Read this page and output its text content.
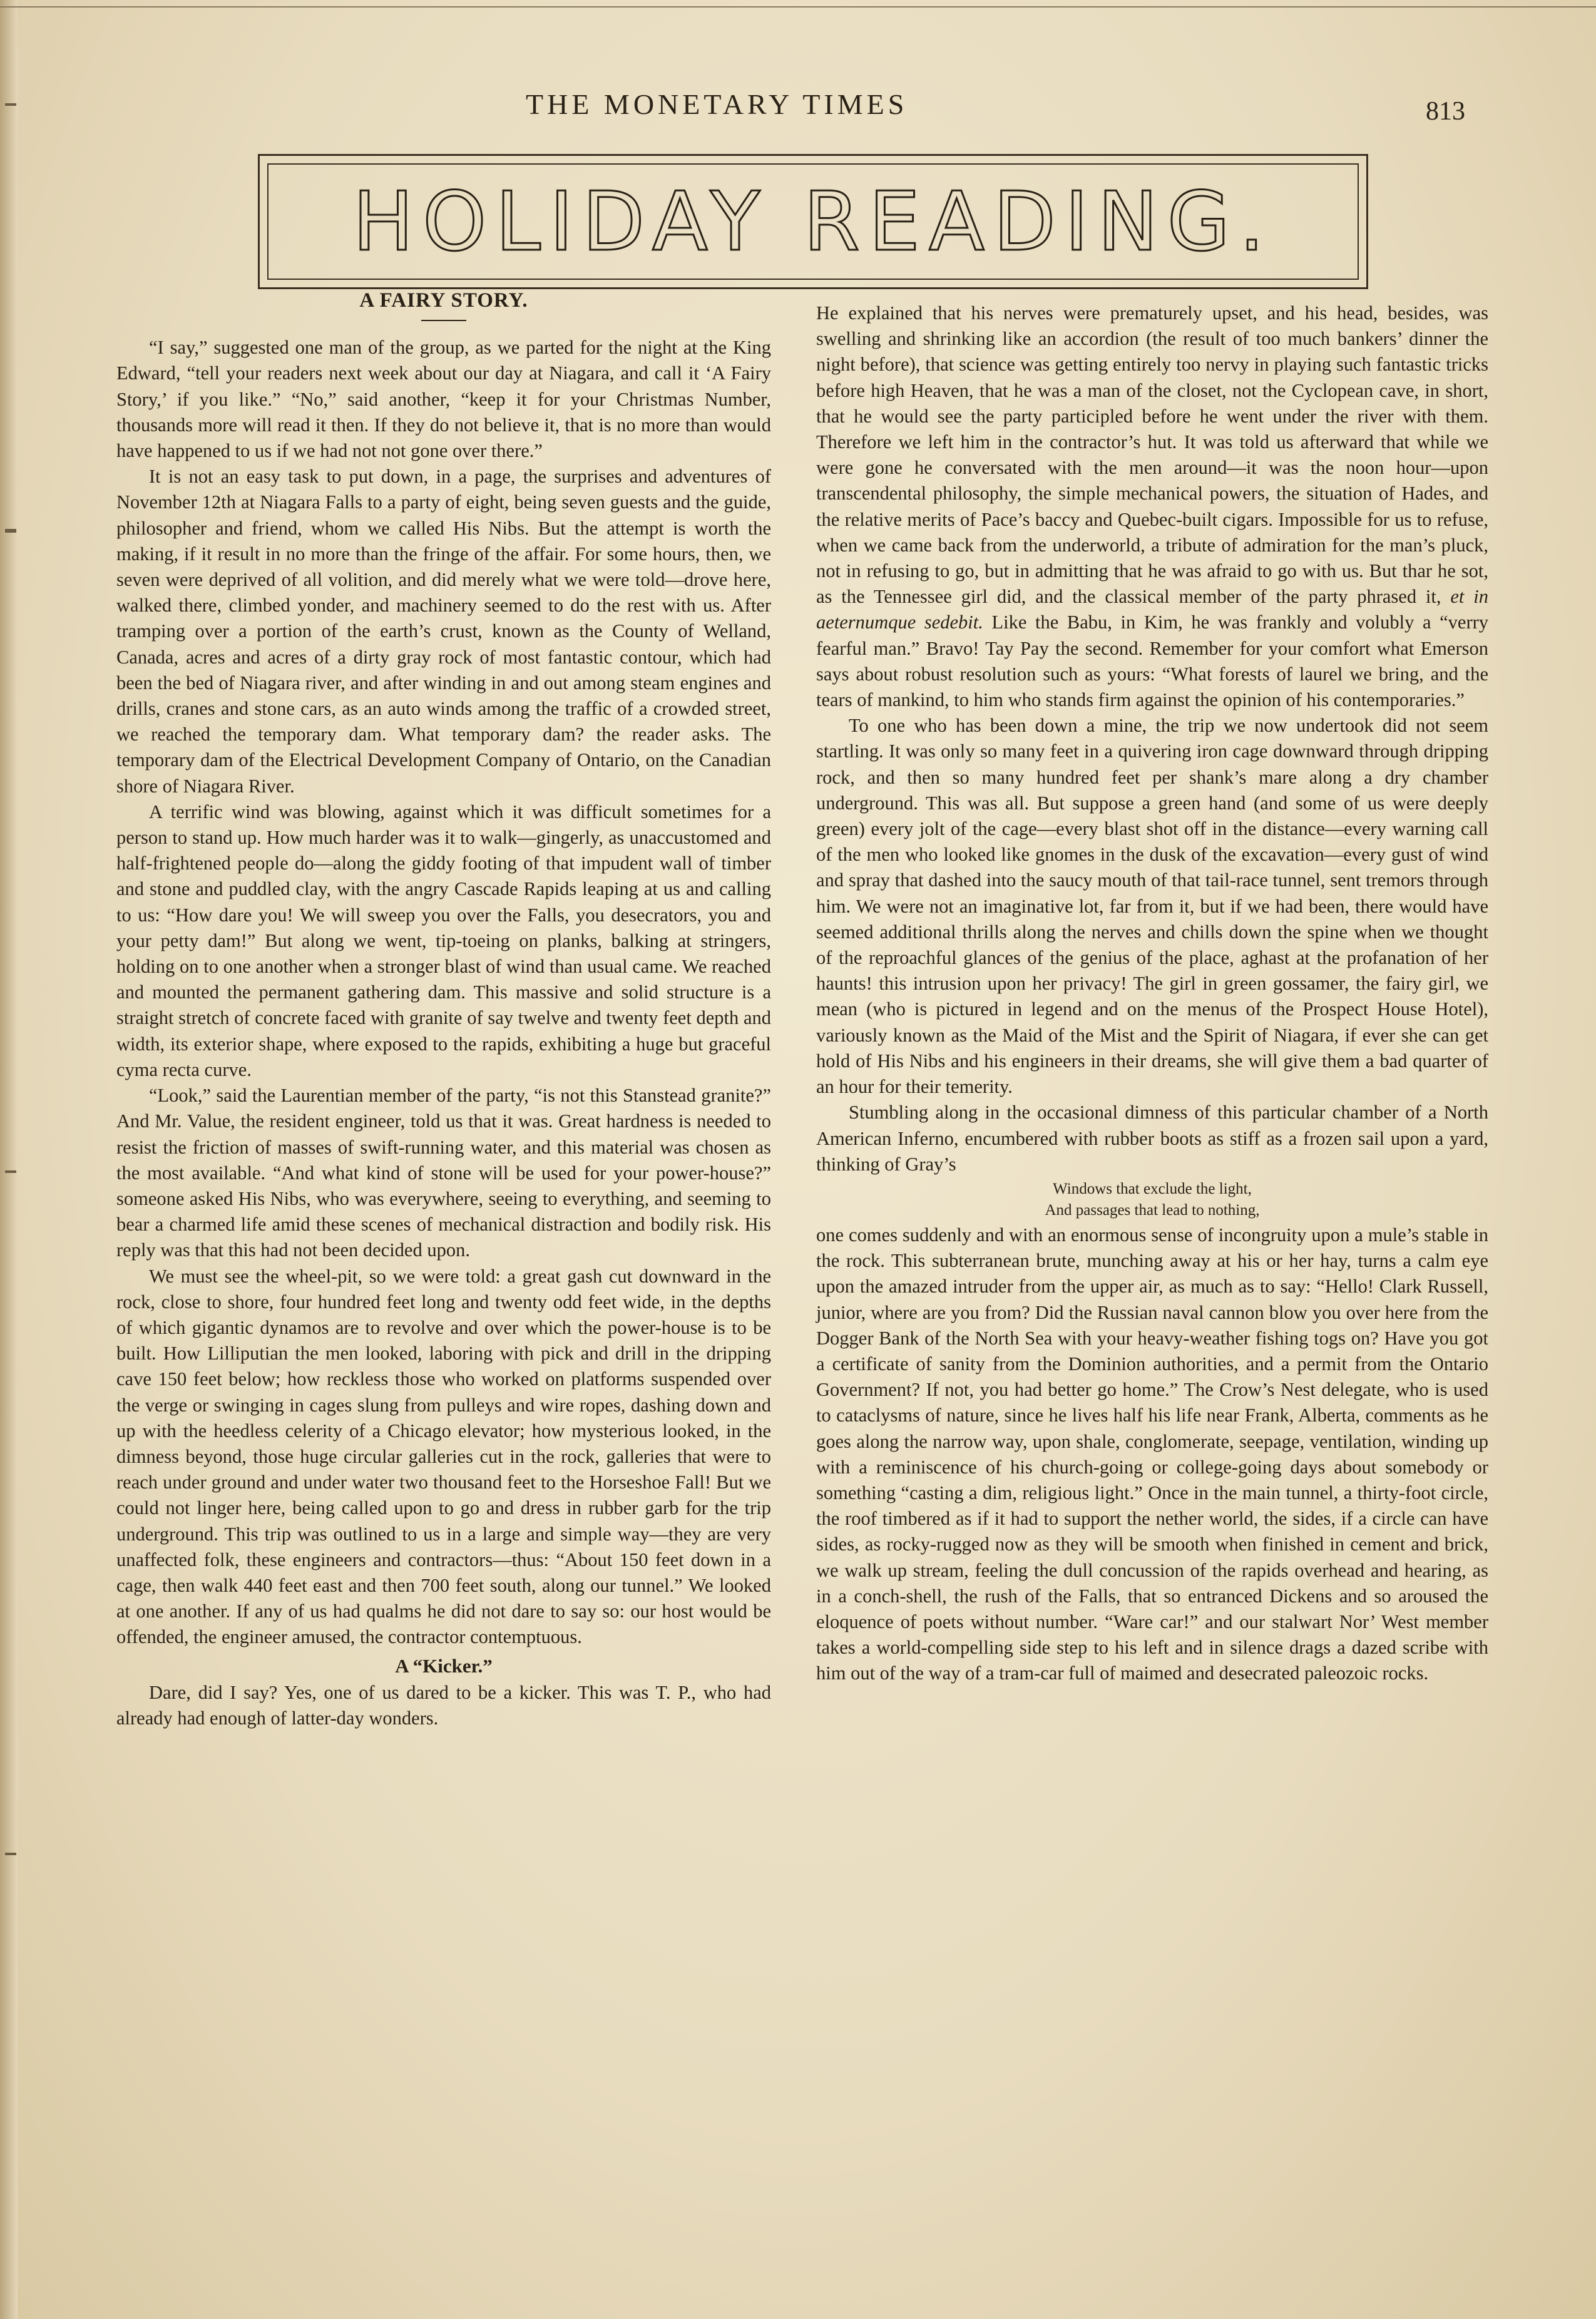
THE MONETARY TIMES	813
HOLIDAY READING.
A FAIRY STORY.

“I say,” suggested one man of the group, as we parted for the night at the King Edward, “tell your readers next week about our day at Niagara, and call it ‘A Fairy Story,’ if you like.” “No,” said another, “keep it for your Christmas Number, thousands more will read it then. If they do not believe it, that is no more than would have happened to us if we had not not gone over there.”

It is not an easy task to put down, in a page, the surprises and adventures of November 12th at Niagara Falls to a party of eight, being seven guests and the guide, philosopher and friend, whom we called His Nibs. But the attempt is worth the making, if it result in no more than the fringe of the affair. For some hours, then, we seven were deprived of all volition, and did merely what we were told—drove here, walked there, climbed yonder, and machinery seemed to do the rest with us. After tramping over a portion of the earth’s crust, known as the County of Welland, Canada, acres and acres of a dirty gray rock of most fantastic contour, which had been the bed of Niagara river, and after winding in and out among steam engines and drills, cranes and stone cars, as an auto winds among the traffic of a crowded street, we reached the temporary dam. What temporary dam? the reader asks. The temporary dam of the Electrical Development Company of Ontario, on the Canadian shore of Niagara River.

A terrific wind was blowing, against which it was difficult sometimes for a person to stand up. How much harder was it to walk—gingerly, as unaccustomed and half-frightened people do—along the giddy footing of that impudent wall of timber and stone and puddled clay, with the angry Cascade Rapids leaping at us and calling to us: “How dare you! We will sweep you over the Falls, you desecrators, you and your petty dam!” But along we went, tip-toeing on planks, balking at stringers, holding on to one another when a stronger blast of wind than usual came. We reached and mounted the permanent gathering dam. This massive and solid structure is a straight stretch of concrete faced with granite of say twelve and twenty feet depth and width, its exterior shape, where exposed to the rapids, exhibiting a huge but graceful cyma recta curve.

“Look,” said the Laurentian member of the party, “is not this Stanstead granite?” And Mr. Value, the resident engineer, told us that it was. Great hardness is needed to resist the friction of masses of swift-running water, and this material was chosen as the most available. “And what kind of stone will be used for your power-house?” someone asked His Nibs, who was everywhere, seeing to everything, and seeming to bear a charmed life amid these scenes of mechanical distraction and bodily risk. His reply was that this had not been decided upon.

We must see the wheel-pit, so we were told: a great gash cut downward in the rock, close to shore, four hundred feet long and twenty odd feet wide, in the depths of which gigantic dynamos are to revolve and over which the power-house is to be built. How Lilliputian the men looked, laboring with pick and drill in the dripping cave 150 feet below; how reckless those who worked on platforms suspended over the verge or swinging in cages slung from pulleys and wire ropes, dashing down and up with the heedless celerity of a Chicago elevator; how mysterious looked, in the dimness beyond, those huge circular galleries cut in the rock, galleries that were to reach under ground and under water two thousand feet to the Horseshoe Fall! But we could not linger here, being called upon to go and dress in rubber garb for the trip underground. This trip was outlined to us in a large and simple way—they are very unaffected folk, these engineers and contractors—thus: “About 150 feet down in a cage, then walk 440 feet east and then 700 feet south, along our tunnel.” We looked at one another. If any of us had qualms he did not dare to say so: our host would be offended, the engineer amused, the contractor contemptuous.

A “Kicker.”

Dare, did I say? Yes, one of us dared to be a kicker. This was T. P., who had already had enough of latter-day wonders.

He explained that his nerves were prematurely upset, and his head, besides, was swelling and shrinking like an accordion (the result of too much bankers’ dinner the night before), that science was getting entirely too nervy in playing such fantastic tricks before high Heaven, that he was a man of the closet, not the Cyclopean cave, in short, that he would see the party participled before he went under the river with them. Therefore we left him in the contractor’s hut. It was told us afterward that while we were gone he conversated with the men around—it was the noon hour—upon transcendental philosophy, the simple mechanical powers, the situation of Hades, and the relative merits of Pace’s baccy and Quebec-built cigars. Impossible for us to refuse, when we came back from the underworld, a tribute of admiration for the man’s pluck, not in refusing to go, but in admitting that he was afraid to go with us. But thar he sot, as the Tennessee girl did, and the classical member of the party phrased it, et in aeternumque sedebit. Like the Babu, in Kim, he was frankly and volubly a “verry fearful man.” Bravo! Tay Pay the second. Remember for your comfort what Emerson says about robust resolution such as yours: “What forests of laurel we bring, and the tears of mankind, to him who stands firm against the opinion of his contemporaries.”

To one who has been down a mine, the trip we now undertook did not seem startling. It was only so many feet in a quivering iron cage downward through dripping rock, and then so many hundred feet per shank’s mare along a dry chamber underground. This was all. But suppose a green hand (and some of us were deeply green) every jolt of the cage—every blast shot off in the distance—every warning call of the men who looked like gnomes in the dusk of the excavation—every gust of wind and spray that dashed into the saucy mouth of that tail-race tunnel, sent tremors through him. We were not an imaginative lot, far from it, but if we had been, there would have seemed additional thrills along the nerves and chills down the spine when we thought of the reproachful glances of the genius of the place, aghast at the profanation of her haunts! this intrusion upon her privacy! The girl in green gossamer, the fairy girl, we mean (who is pictured in legend and on the menus of the Prospect House Hotel), variously known as the Maid of the Mist and the Spirit of Niagara, if ever she can get hold of His Nibs and his engineers in their dreams, she will give them a bad quarter of an hour for their temerity.

Stumbling along in the occasional dimness of this particular chamber of a North American Inferno, encumbered with rubber boots as stiff as a frozen sail upon a yard, thinking of Gray’s

Windows that exclude the light,
And passages that lead to nothing,

one comes suddenly and with an enormous sense of incongruity upon a mule’s stable in the rock. This subterranean brute, munching away at his or her hay, turns a calm eye upon the amazed intruder from the upper air, as much as to say: “Hello! Clark Russell, junior, where are you from? Did the Russian naval cannon blow you over here from the Dogger Bank of the North Sea with your heavy-weather fishing togs on? Have you got a certificate of sanity from the Dominion authorities, and a permit from the Ontario Government? If not, you had better go home.” The Crow’s Nest delegate, who is used to cataclysms of nature, since he lives half his life near Frank, Alberta, comments as he goes along the narrow way, upon shale, conglomerate, seepage, ventilation, winding up with a reminiscence of his church-going or college-going days about somebody or something “casting a dim, religious light.” Once in the main tunnel, a thirty-foot circle, the roof timbered as if it had to support the nether world, the sides, if a circle can have sides, as rocky-rugged now as they will be smooth when finished in cement and brick, we walk up stream, feeling the dull concussion of the rapids overhead and hearing, as in a conch-shell, the rush of the Falls, that so entranced Dickens and so aroused the eloquence of poets without number. “Ware car!” and our stalwart Nor’ West member takes a world-compelling side step to his left and in silence drags a dazed scribe with him out of the way of a tram-car full of maimed and desecrated paleozoic rocks.
